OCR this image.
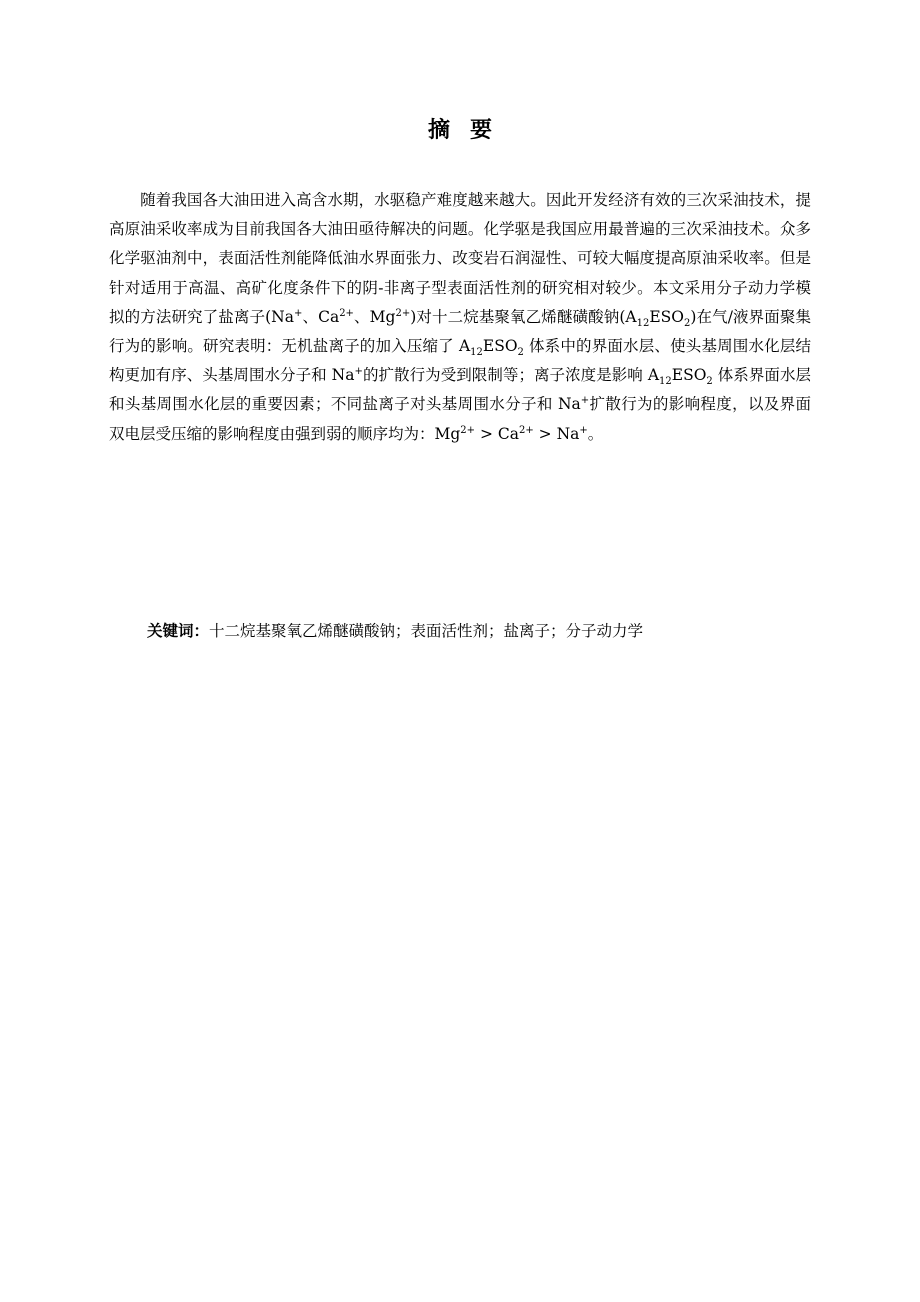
摘 要
随着我国各大油田进入高含水期，水驱稳产难度越来越大。因此开发经济有效的三次采油技术，提高原油采收率成为目前我国各大油田亟待解决的问题。化学驱是我国应用最普遍的三次采油技术。众多化学驱油剂中，表面活性剂能降低油水界面张力、改变岩石润湿性、可较大幅度提高原油采收率。但是针对适用于高温、高矿化度条件下的阴-非离子型表面活性剂的研究相对较少。本文采用分子动力学模拟的方法研究了盐离子(Na+、$Ca^{2+}$、$Mg^{2+}$)对十二烷基聚氧乙烯醚磺酸钠$(A_{12}ESO_2)$在气/液界面聚集行为的影响。研究表明：无机盐离子的加入压缩了 $A_{12}ESO_2$ 体系中的界面水层、使头基周围水化层结构更加有序、头基周围水分子和 Na+的扩散行为受到限制等；离子浓度是影响 $A_{12}ESO_2$ 体系界面水层和头基周围水化层的重要因素；不同盐离子对头基周围水分子和 Na+扩散行为的影响程度，以及界面双电层受压缩的影响程度由强到弱的顺序均为：$Mg^{2+} > Ca^{2+} > Na^+$。
关键词：十二烷基聚氧乙烯醚磺酸钠；表面活性剂；盐离子；分子动力学
